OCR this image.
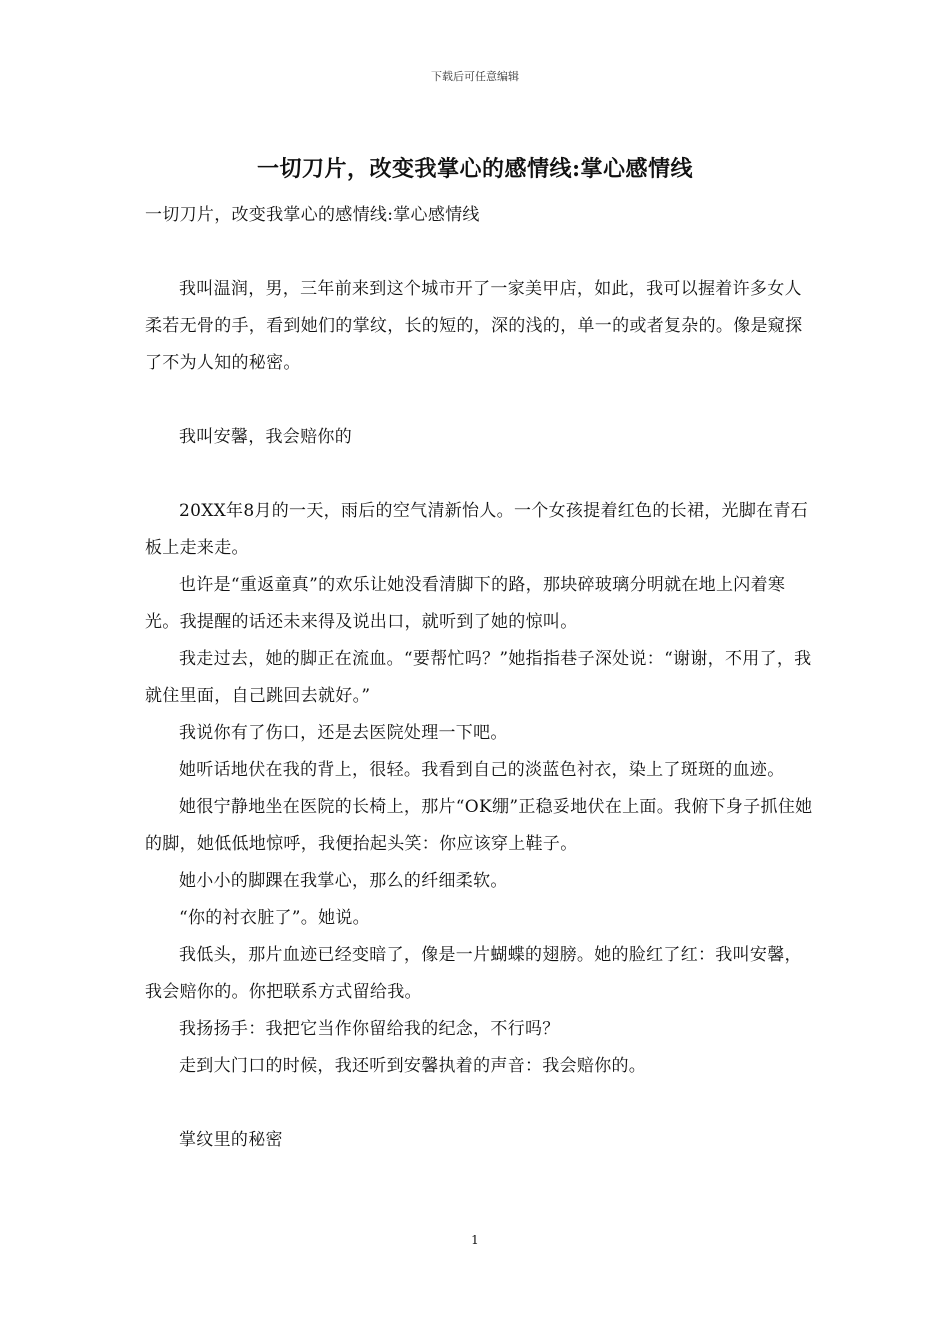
下载后可任意编辑
一切刀片，改变我掌心的感情线:掌心感情线

一切刀片，改变我掌心的感情线:掌心感情线

我叫温润，男，三年前来到这个城市开了一家美甲店，如此，我可以握着许多女人柔若无骨的手，看到她们的掌纹，长的短的，深的浅的，单一的或者复杂的。像是窥探了不为人知的秘密。

我叫安馨，我会赔你的

20XX年8月的一天，雨后的空气清新怡人。一个女孩提着红色的长裙，光脚在青石板上走来走。

也许是“重返童真”的欢乐让她没看清脚下的路，那块碎玻璃分明就在地上闪着寒光。我提醒的话还未来得及说出口，就听到了她的惊叫。

我走过去，她的脚正在流血。“要帮忙吗？”她指指巷子深处说：“谢谢，不用了，我就住里面，自己跳回去就好。”

我说你有了伤口，还是去医院处理一下吧。

她听话地伏在我的背上，很轻。我看到自己的淡蓝色衬衣，染上了斑斑的血迹。

她很宁静地坐在医院的长椅上，那片“OK绷”正稳妥地伏在上面。我俯下身子抓住她的脚，她低低地惊呼，我便抬起头笑：你应该穿上鞋子。

她小小的脚踝在我掌心，那么的纤细柔软。

“你的衬衣脏了”。她说。

我低头，那片血迹已经变暗了，像是一片蝴蝶的翅膀。她的脸红了红：我叫安馨，我会赔你的。你把联系方式留给我。

我扬扬手：我把它当作你留给我的纪念，不行吗？

走到大门口的时候，我还听到安馨执着的声音：我会赔你的。

掌纹里的秘密

1
